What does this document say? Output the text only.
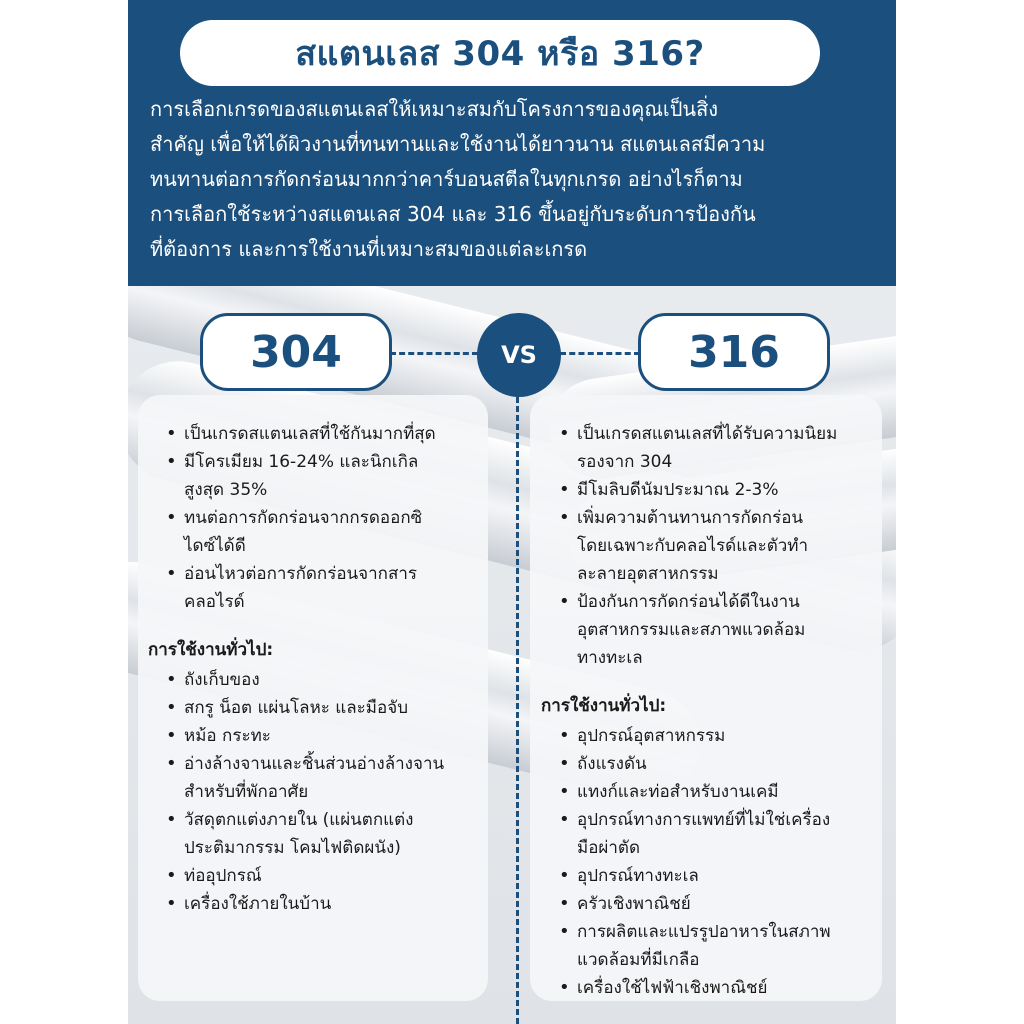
สแตนเลส 304 หรือ 316?
การเลือกเกรดของสแตนเลสให้เหมาะสมกับโครงการของคุณเป็นสิ่ง
สำคัญ เพื่อให้ได้ผิวงานที่ทนทานและใช้งานได้ยาวนาน สแตนเลสมีความ
ทนทานต่อการกัดกร่อนมากกว่าคาร์บอนสตีลในทุกเกรด อย่างไรก็ตาม
การเลือกใช้ระหว่างสแตนเลส 304 และ 316 ขึ้นอยู่กับระดับการป้องกัน
ที่ต้องการ และการใช้งานที่เหมาะสมของแต่ละเกรด
304	VS	316
• เป็นเกรดสแตนเลสที่ใช้กันมากที่สุด
• มีโครเมียม 16-24% และนิกเกิล
สูงสุด 35%
• ทนต่อการกัดกร่อนจากกรดออกซิ
ไดซ์ได้ดี
• อ่อนไหวต่อการกัดกร่อนจากสาร
คลอไรด์
การใช้งานทั่วไป:
• ถังเก็บของ
• สกรู น็อต แผ่นโลหะ และมือจับ
• หม้อ กระทะ
• อ่างล้างจานและชิ้นส่วนอ่างล้างจาน
สำหรับที่พักอาศัย
• วัสดุตกแต่งภายใน (แผ่นตกแต่ง
ประติมากรรม โคมไฟติดผนัง)
• ท่ออุปกรณ์
• เครื่องใช้ภายในบ้าน
• เป็นเกรดสแตนเลสที่ได้รับความนิยม
รองจาก 304
• มีโมลิบดีนัมประมาณ 2-3%
• เพิ่มความต้านทานการกัดกร่อน
โดยเฉพาะกับคลอไรด์และตัวทำ
ละลายอุตสาหกรรม
• ป้องกันการกัดกร่อนได้ดีในงาน
อุตสาหกรรมและสภาพแวดล้อม
ทางทะเล
การใช้งานทั่วไป:
• อุปกรณ์อุตสาหกรรม
• ถังแรงดัน
• แทงก์และท่อสำหรับงานเคมี
• อุปกรณ์ทางการแพทย์ที่ไม่ใช่เครื่อง
มือผ่าตัด
• อุปกรณ์ทางทะเล
• ครัวเชิงพาณิชย์
• การผลิตและแปรรูปอาหารในสภาพ
แวดล้อมที่มีเกลือ
• เครื่องใช้ไฟฟ้าเชิงพาณิชย์
